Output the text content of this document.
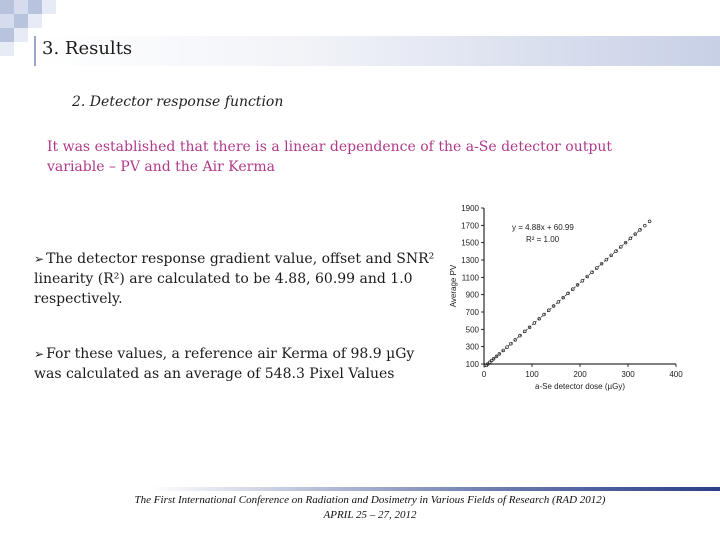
3. Results
2. Detector response function
It was established that there is a linear dependence of the a-Se detector output variable – PV and the Air Kerma
➢ The detector response gradient value, offset and SNR² linearity (R²) are calculated to be 4.88, 60.99 and 1.0 respectively.
➢ For these values, a reference air Kerma of 98.9 µGy was calculated as an average of 548.3 Pixel Values
1900
1700
1500
1300
1100
900
700
500
300
100
0	100	200	300	400
y = 4.88x + 60.99
R² = 1.00
a-Se detector dose (µGy)
Average PV
The First International Conference on Radiation and Dosimetry in Various Fields of Research (RAD 2012)
APRIL 25 – 27, 2012
